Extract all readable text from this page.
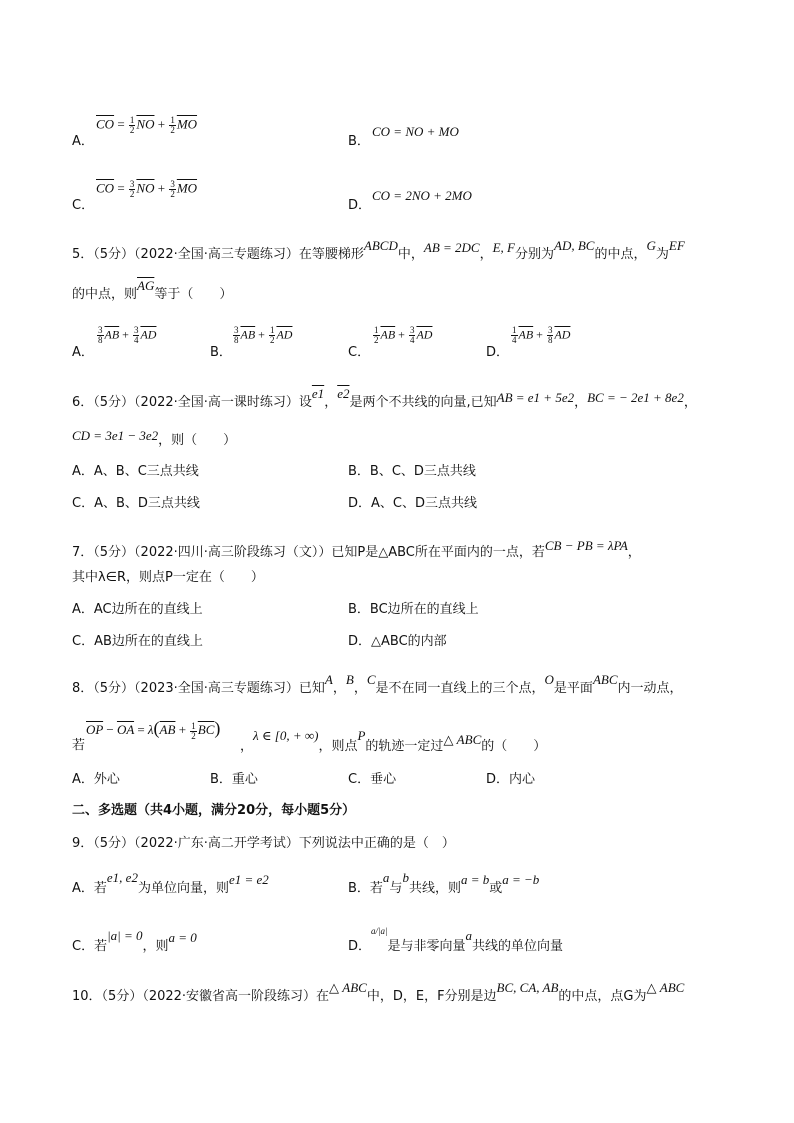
A．
$\overline{CO} = \frac{1}{2} \overline{NO} + \frac{1}{2} \overline{MO}$
B．
CO = NO + MO
C．
$\overline{CO} = \frac{3}{2} \overline{NO} + \frac{3}{2} \overline{MO}$
D．
CO = 2NO + 2MO
5．（5分）（2022·全国·高三专题练习）在等腰梯形ABCD中，AB = 2DC，E, F分别为AD, BC的中点，G为EF
的中点，则$\overline{AG}$等于（　　）
A．
$\frac{3}{8} \overline{AB} + \frac{3}{4} \overline{AD}$
B．
$\frac{3}{8} \overline{AB} + \frac{1}{2} \overline{AD}$
C．
$\frac{1}{2} \overline{AB} + \frac{3}{4} \overline{AD}$
D．
$\frac{1}{4} \overline{AB} + \frac{3}{8} \overline{AD}$
6．（5分）（2022·全国·高一课时练习）设e1，e2是两个不共线的向量,已知AB = e1 + 5e2，BC = − 2e1 + 8e2，
CD = 3e1 − 3e2，则（　　）
A．A、B、C三点共线	B．B、C、D三点共线
C．A、B、D三点共线	D．A、C、D三点共线
7．（5分）（2022·四川·高三阶段练习（文））已知P是△ABC所在平面内的一点，若CB − PB = λPA，
其中λ∈R，则点P一定在（　　）
A．AC边所在的直线上	B．BC边所在的直线上
C．AB边所在的直线上	D．△ABC的内部
8．（5分）（2023·全国·高三专题练习）已知A，B，C是不在同一直线上的三个点，O是平面ABC内一动点，
若
$\overline{OP} - \overline{OA} = \lambda(\overline{AB} + \frac{1}{2} \overline{BC})$
，λ ∈ [0, + ∞)，则点P的轨迹一定过△ ABC的（　　）
A．外心	B．重心	C．垂心	D．内心
二、多选题（共4小题，满分20分，每小题5分）
9．（5分）（2022·广东·高二开学考试）下列说法中正确的是（　）
A．若e1, e2为单位向量，则e1 = e2
B．若a与b共线，则a = b或a = −b
C．若|a| = 0，则a = 0
D．$^{a/|a|}$是与非零向量a共线的单位向量
10．（5分）（2022·安徽省高一阶段练习）在△ ABC中，D，E，F分别是边BC, CA, AB的中点，点G为△ ABC
